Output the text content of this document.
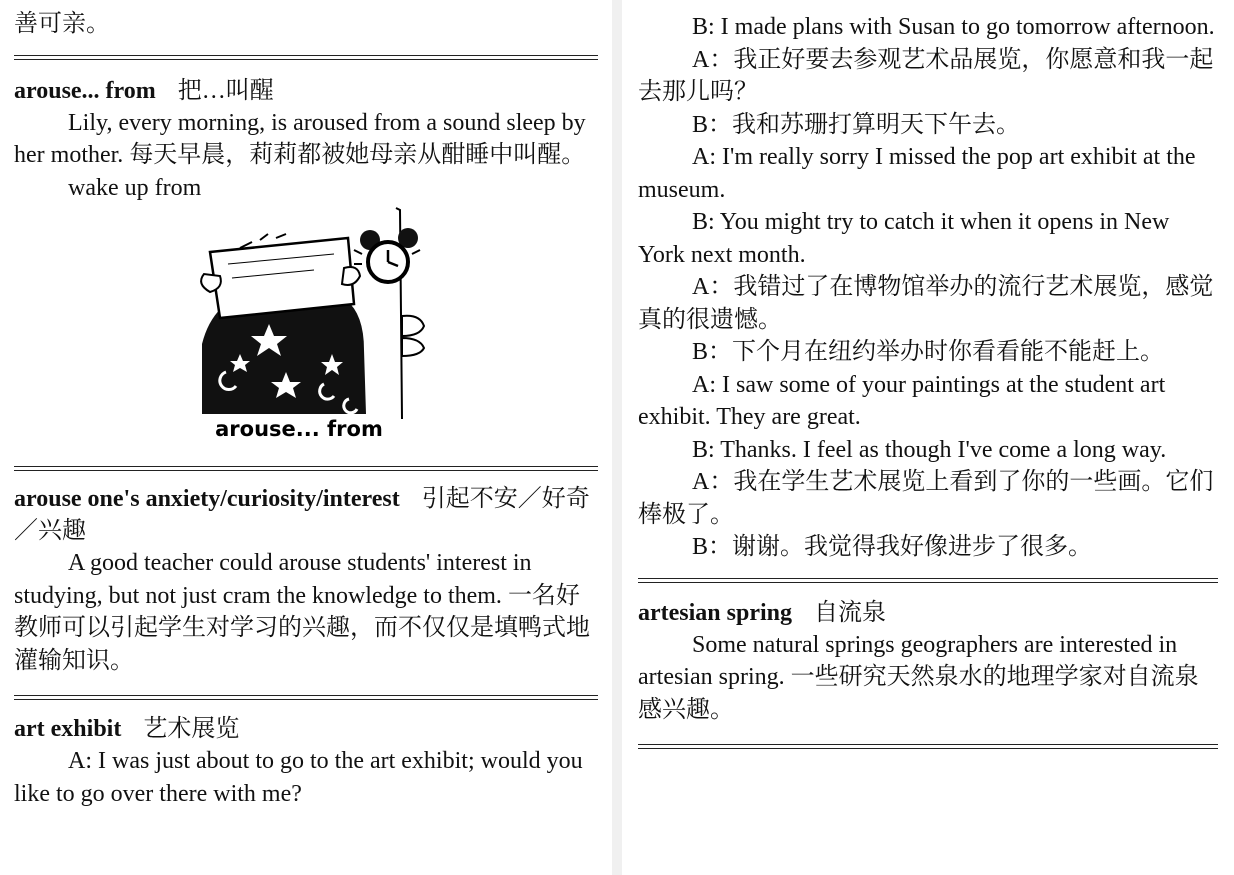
善可亲。

arouse... from 把…叫醒

Lily, every morning, is aroused from a sound sleep by her mother. 每天早晨，莉莉都被她母亲从酣睡中叫醒。

wake up from

arouse... from

arouse one's anxiety/curiosity/interest 引起不安／好奇／兴趣

A good teacher could arouse students' interest in studying, but not just cram the knowledge to them. 一名好教师可以引起学生对学习的兴趣，而不仅仅是填鸭式地灌输知识。

art exhibit 艺术展览

A: I was just about to go to the art exhibit; would you like to go over there with me?

B: I made plans with Susan to go tomorrow afternoon.

A：我正好要去参观艺术品展览，你愿意和我一起去那儿吗？

B：我和苏珊打算明天下午去。

A: I'm really sorry I missed the pop art exhibit at the museum.

B: You might try to catch it when it opens in New York next month.

A：我错过了在博物馆举办的流行艺术展览，感觉真的很遗憾。

B：下个月在纽约举办时你看看能不能赶上。

A: I saw some of your paintings at the student art exhibit. They are great.

B: Thanks. I feel as though I've come a long way.

A：我在学生艺术展览上看到了你的一些画。它们棒极了。

B：谢谢。我觉得我好像进步了很多。

artesian spring 自流泉

Some natural springs geographers are interested in artesian spring. 一些研究天然泉水的地理学家对自流泉感兴趣。
